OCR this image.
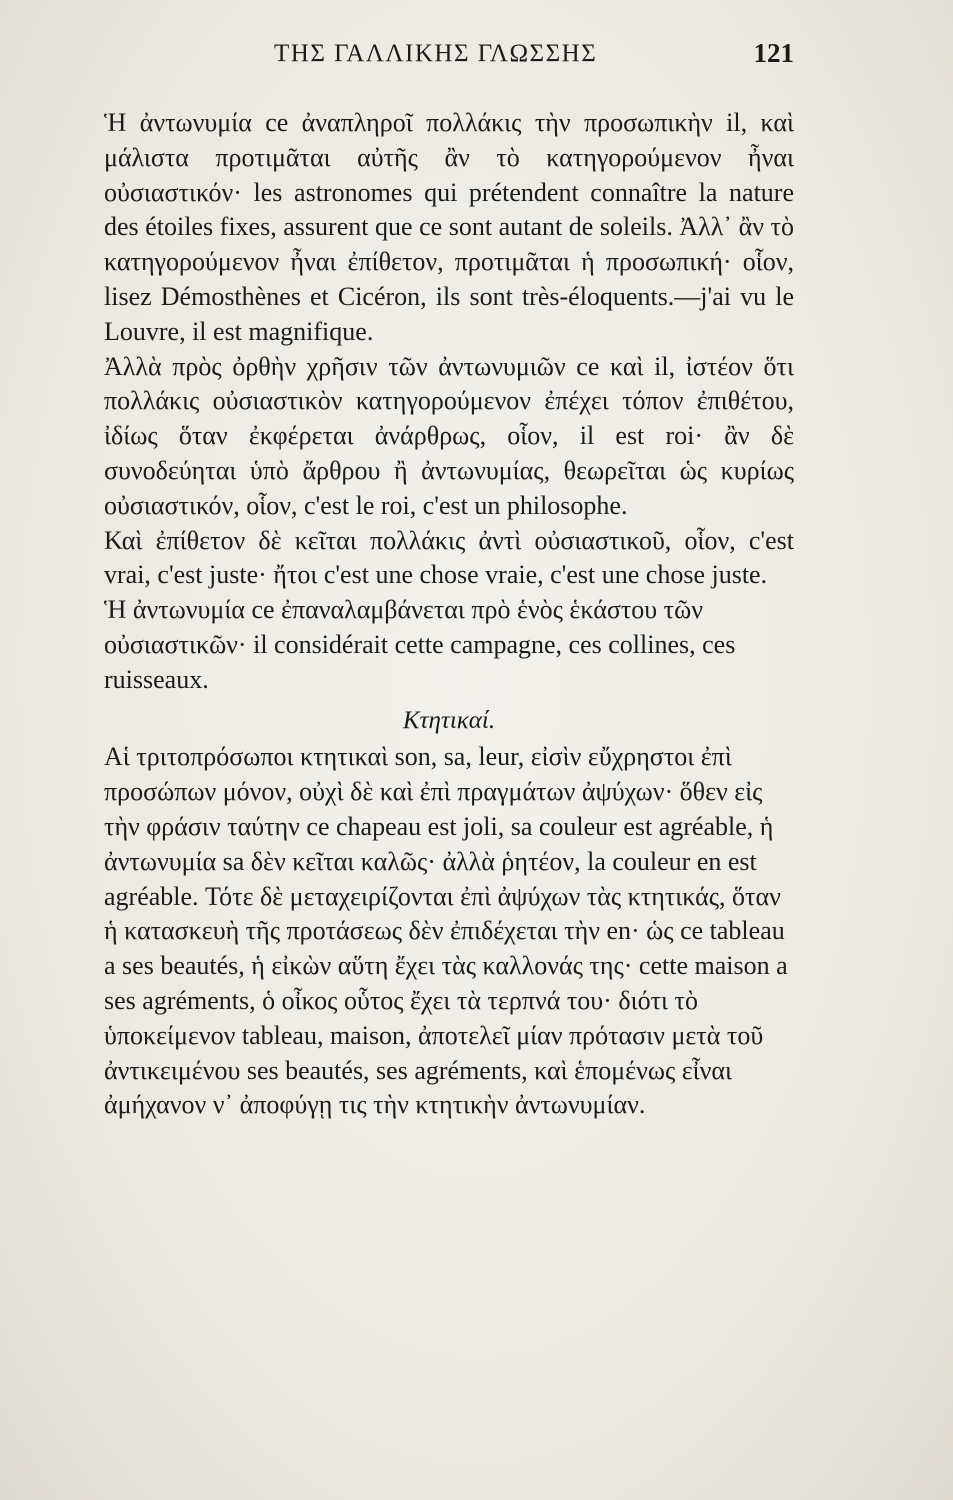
ΤΗΣ ΓΑΛΛΙΚΗΣ ΓΛΩΣΣΗΣ	121

Ἡ ἀντωνυμία ce ἀναπληροῖ πολλάκις τὴν προσωπικὴν il, καὶ μάλιστα προτιμᾶται αὐτῆς ἂν τὸ κατηγορούμενον ἦναι οὐσιαστικόν· les astronomes qui prétendent connaître la nature des étoiles fixes, assurent que ce sont autant de soleils. Ἀλλ᾽ ἂν τὸ κατηγορούμενον ἦναι ἐπίθετον, προτιμᾶται ἡ προσωπική· οἷον, lisez Démosthènes et Cicéron, ils sont très-éloquents.—j'ai vu le Louvre, il est magnifique.

Ἀλλὰ πρὸς ὀρθὴν χρῆσιν τῶν ἀντωνυμιῶν ce καὶ il, ἰστέον ὅτι πολλάκις οὐσιαστικὸν κατηγορούμενον ἐπέχει τόπον ἐπιθέτου, ἰδίως ὅταν ἐκφέρεται ἀνάρθρως, οἷον, il est roi· ἂν δὲ συνοδεύηται ὑπὸ ἄρθρου ἢ ἀντωνυμίας, θεωρεῖται ὡς κυρίως οὐσιαστικόν, οἷον, c'est le roi, c'est un philosophe.

Καὶ ἐπίθετον δὲ κεῖται πολλάκις ἀντὶ οὐσιαστικοῦ, οἷον, c'est vrai, c'est juste· ἤτοι c'est une chose vraie, c'est une chose juste.

Ἡ ἀντωνυμία ce ἐπαναλαμβάνεται πρὸ ἑνὸς ἑκάστου τῶν οὐσιαστικῶν· il considérait cette campagne, ces collines, ces ruisseaux.

Κτητικαί.

Αἱ τριτοπρόσωποι κτητικαὶ son, sa, leur, εἰσὶν εὔχρηστοι ἐπὶ προσώπων μόνον, οὐχὶ δὲ καὶ ἐπὶ πραγμάτων ἀψύχων· ὅθεν εἰς τὴν φράσιν ταύτην ce chapeau est joli, sa couleur est agréable, ἡ ἀντωνυμία sa δὲν κεῖται καλῶς· ἀλλὰ ῥητέον, la couleur en est agréable. Τότε δὲ μεταχειρίζονται ἐπὶ ἀψύχων τὰς κτητικάς, ὅταν ἡ κατασκευὴ τῆς προτάσεως δὲν ἐπιδέχεται τὴν en· ὡς ce tableau a ses beautés, ἡ εἰκὼν αὕτη ἔχει τὰς καλλονάς της· cette maison a ses agréments, ὁ οἶκος οὗτος ἔχει τὰ τερπνά του· διότι τὸ ὑποκείμενον tableau, maison, ἀποτελεῖ μίαν πρότασιν μετὰ τοῦ ἀντικειμένου ses beautés, ses agréments, καὶ ἑπομένως εἶναι ἀμήχανον ν᾽ ἀποφύγῃ τις τὴν κτητικὴν ἀντωνυμίαν.
